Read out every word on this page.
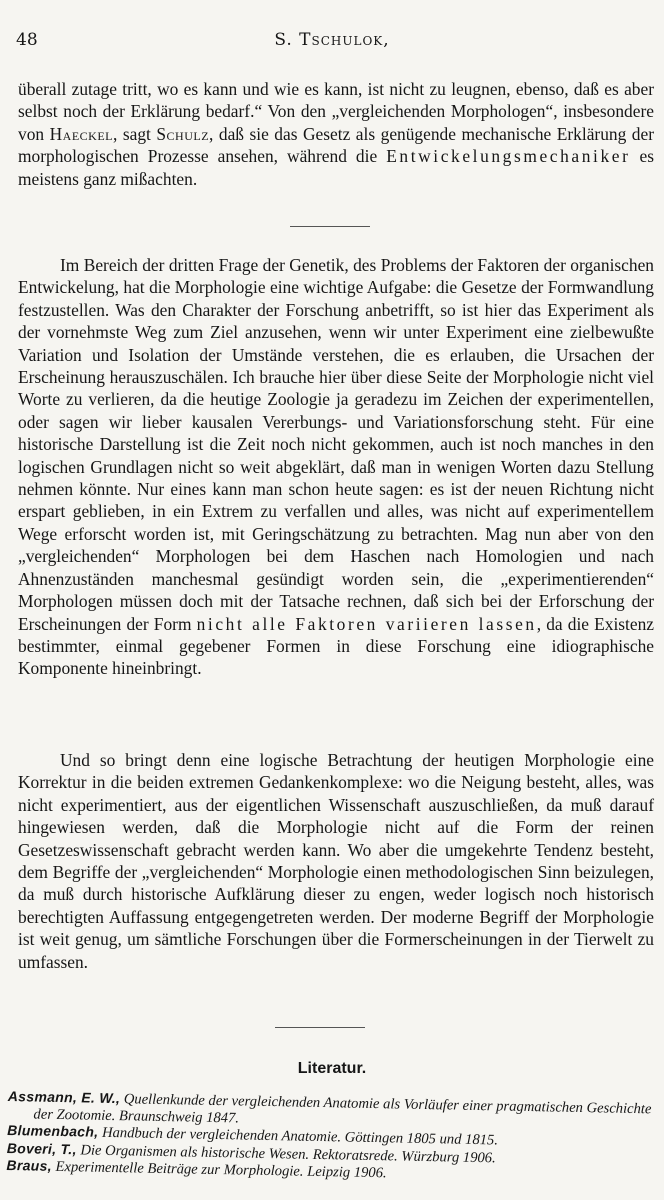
48	S. Tschulok,

überall zutage tritt, wo es kann und wie es kann, ist nicht zu leugnen, ebenso, daß es aber selbst noch der Erklärung bedarf.“ Von den „vergleichenden Morphologen“, insbesondere von Haeckel, sagt Schulz, daß sie das Gesetz als genügende mechanische Erklärung der morphologischen Prozesse ansehen, während die Entwickelungsmechaniker es meistens ganz mißachten.

Im Bereich der dritten Frage der Genetik, des Problems der Faktoren der organischen Entwickelung, hat die Morphologie eine wichtige Aufgabe: die Gesetze der Formwandlung festzustellen. Was den Charakter der Forschung anbetrifft, so ist hier das Experiment als der vornehmste Weg zum Ziel anzusehen, wenn wir unter Experiment eine zielbewußte Variation und Isolation der Umstände verstehen, die es erlauben, die Ursachen der Erscheinung herauszuschälen. Ich brauche hier über diese Seite der Morphologie nicht viel Worte zu verlieren, da die heutige Zoologie ja geradezu im Zeichen der experimentellen, oder sagen wir lieber kausalen Vererbungs- und Variationsforschung steht. Für eine historische Darstellung ist die Zeit noch nicht gekommen, auch ist noch manches in den logischen Grundlagen nicht so weit abgeklärt, daß man in wenigen Worten dazu Stellung nehmen könnte. Nur eines kann man schon heute sagen: es ist der neuen Richtung nicht erspart geblieben, in ein Extrem zu verfallen und alles, was nicht auf experimentellem Wege erforscht worden ist, mit Geringschätzung zu betrachten. Mag nun aber von den „vergleichenden“ Morphologen bei dem Haschen nach Homologien und nach Ahnenzuständen manchesmal gesündigt worden sein, die „experimentierenden“ Morphologen müssen doch mit der Tatsache rechnen, daß sich bei der Erforschung der Erscheinungen der Form nicht alle Faktoren variieren lassen, da die Existenz bestimmter, einmal gegebener Formen in diese Forschung eine idiographische Komponente hineinbringt.

Und so bringt denn eine logische Betrachtung der heutigen Morphologie eine Korrektur in die beiden extremen Gedankenkomplexe: wo die Neigung besteht, alles, was nicht experimentiert, aus der eigentlichen Wissenschaft auszuschließen, da muß darauf hingewiesen werden, daß die Morphologie nicht auf die Form der reinen Gesetzeswissenschaft gebracht werden kann. Wo aber die umgekehrte Tendenz besteht, dem Begriffe der „vergleichenden“ Morphologie einen methodologischen Sinn beizulegen, da muß durch historische Aufklärung dieser zu engen, weder logisch noch historisch berechtigten Auffassung entgegengetreten werden. Der moderne Begriff der Morphologie ist weit genug, um sämtliche Forschungen über die Formerscheinungen in der Tierwelt zu umfassen.

Literatur.

Assmann, E. W., Quellenkunde der vergleichenden Anatomie als Vorläufer einer pragmatischen Geschichte der Zootomie. Braunschweig 1847.

Blumenbach, Handbuch der vergleichenden Anatomie. Göttingen 1805 und 1815.

Boveri, T., Die Organismen als historische Wesen. Rektoratsrede. Würzburg 1906.

Braus, Experimentelle Beiträge zur Morphologie. Leipzig 1906.
